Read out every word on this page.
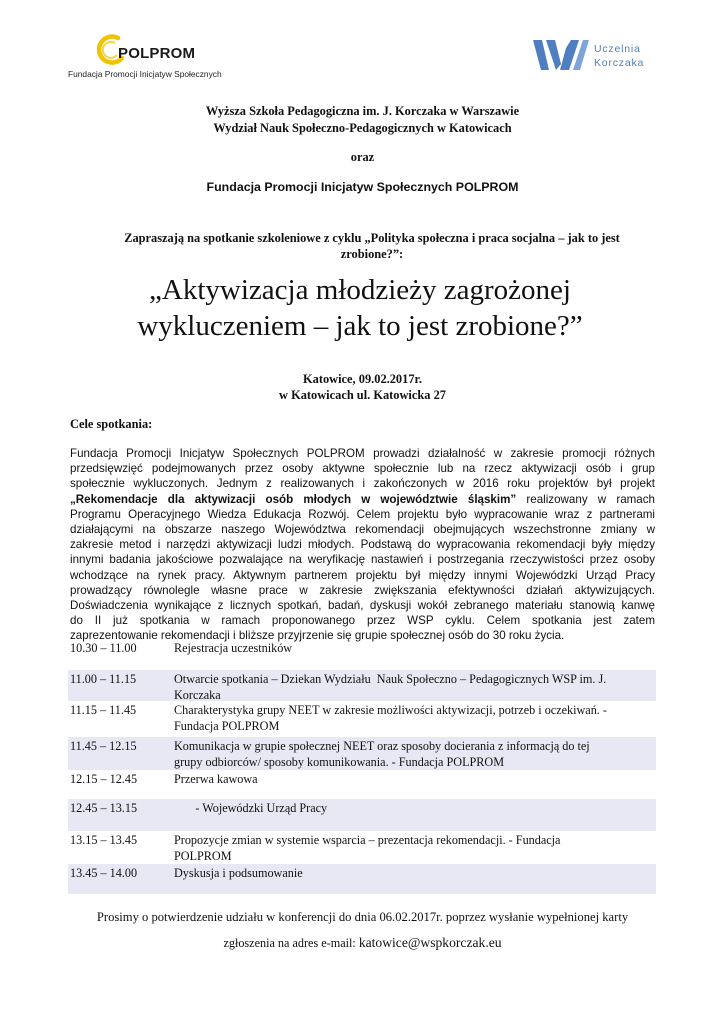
POLPROM
Fundacja Promocji Inicjatyw Społecznych
Uczelnia
Korczaka
Wyższa Szkoła Pedagogiczna im. J. Korczaka w Warszawie
Wydział Nauk Społeczno-Pedagogicznych w Katowicach
oraz
Fundacja Promocji Inicjatyw Społecznych POLPROM
Zapraszają na spotkanie szkoleniowe z cyklu „Polityka społeczna i praca socjalna – jak to jest zrobione?”:
„Aktywizacja młodzieży zagrożonej
wykluczeniem – jak to jest zrobione?”
Katowice, 09.02.2017r.
w Katowicach ul. Katowicka 27
Cele spotkania:
Fundacja Promocji Inicjatyw Społecznych POLPROM prowadzi działalność w zakresie promocji różnych
przedsięwzięć podejmowanych przez osoby aktywne społecznie lub na rzecz aktywizacji osób i grup
społecznie wykluczonych. Jednym z realizowanych i zakończonych w 2016 roku projektów był projekt
„Rekomendacje dla aktywizacji osób młodych w województwie śląskim” realizowany w ramach
Programu Operacyjnego Wiedza Edukacja Rozwój. Celem projektu było wypracowanie wraz z partnerami
działającymi na obszarze naszego Województwa rekomendacji obejmujących wszechstronne zmiany w
zakresie metod i narzędzi aktywizacji ludzi młodych. Podstawą do wypracowania rekomendacji były między
innymi badania jakościowe pozwalające na weryfikację nastawień i postrzegania rzeczywistości przez osoby
wchodzące na rynek pracy. Aktywnym partnerem projektu był między innymi Wojewódzki Urząd Pracy
prowadzący równolegle własne prace w zakresie zwiększania efektywności działań aktywizujących.
Doświadczenia wynikające z licznych spotkań, badań, dyskusji wokół zebranego materiału stanowią kanwę
do II już spotkania w ramach proponowanego przez WSP cyklu. Celem spotkania jest zatem
zaprezentowanie rekomendacji i bliższe przyjrzenie się grupie społecznej osób do 30 roku życia.
10.30 – 11.00	Rejestracja uczestników
11.00 – 11.15	Otwarcie spotkania – Dziekan Wydziału  Nauk Społeczno – Pedagogicznych WSP im. J.
Korczaka
11.15 – 11.45	Charakterystyka grupy NEET w zakresie możliwości aktywizacji, potrzeb i oczekiwań. -
Fundacja POLPROM
11.45 – 12.15	Komunikacja w grupie społecznej NEET oraz sposoby docierania z informacją do tej
grupy odbiorców/ sposoby komunikowania. - Fundacja POLPROM
12.15 – 12.45	Przerwa kawowa
12.45 – 13.15	- Wojewódzki Urząd Pracy
13.15 – 13.45	Propozycje zmian w systemie wsparcia – prezentacja rekomendacji. - Fundacja
POLPROM
13.45 – 14.00	Dyskusja i podsumowanie
Prosimy o potwierdzenie udziału w konferencji do dnia 06.02.2017r. poprzez wysłanie wypełnionej karty
zgłoszenia na adres e-mail: katowice@wspkorczak.eu
